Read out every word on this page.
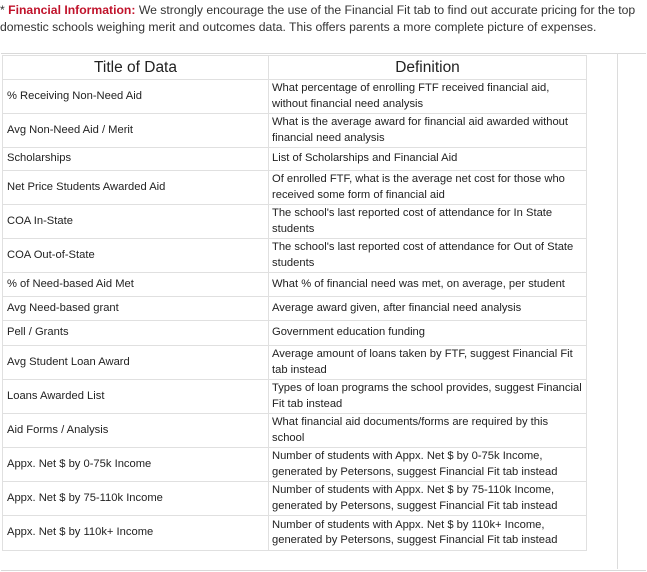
* Financial Information: We strongly encourage the use of the Financial Fit tab to find out accurate pricing for the top domestic schools weighing merit and outcomes data. This offers parents a more complete picture of expenses.
Title of Data	Definition
% Receiving Non-Need Aid	What percentage of enrolling FTF received financial aid, without financial need analysis
Avg Non-Need Aid / Merit	What is the average award for financial aid awarded without financial need analysis
Scholarships	List of Scholarships and Financial Aid
Net Price Students Awarded Aid	Of enrolled FTF, what is the average net cost for those who received some form of financial aid
COA In-State	The school's last reported cost of attendance for In State students
COA Out-of-State	The school's last reported cost of attendance for Out of State students
% of Need-based Aid Met	What % of financial need was met, on average, per student
Avg Need-based grant	Average award given, after financial need analysis
Pell / Grants	Government education funding
Avg Student Loan Award	Average amount of loans taken by FTF, suggest Financial Fit tab instead
Loans Awarded List	Types of loan programs the school provides, suggest Financial Fit tab instead
Aid Forms / Analysis	What financial aid documents/forms are required by this school
Appx. Net $ by 0-75k Income	Number of students with Appx. Net $ by 0-75k Income, generated by Petersons, suggest Financial Fit tab instead
Appx. Net $ by 75-110k Income	Number of students with Appx. Net $ by 75-110k Income, generated by Petersons, suggest Financial Fit tab instead
Appx. Net $ by 110k+ Income	Number of students with Appx. Net $ by 110k+ Income, generated by Petersons, suggest Financial Fit tab instead
